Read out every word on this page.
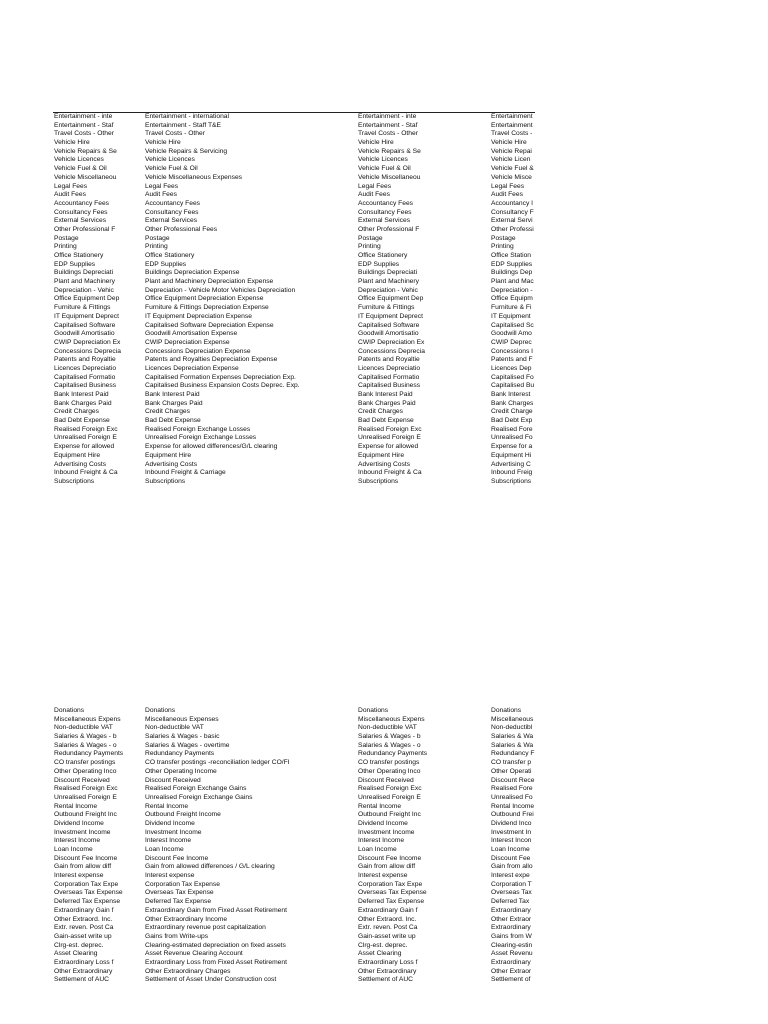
Entertainment - inte	Entertainment - international	Entertainment - inte	Entertainment
Entertainment - Staf	Entertainment - Staff T&E	Entertainment - Staf	Entertainment
Travel Costs - Other	Travel Costs - Other	Travel Costs - Other	Travel Costs -
Vehicle Hire	Vehicle Hire	Vehicle Hire	Vehicle Hire
Vehicle Repairs & Se	Vehicle Repairs & Servicing	Vehicle Repairs & Se	Vehicle Repai
Vehicle Licences	Vehicle Licences	Vehicle Licences	Vehicle Licen
Vehicle Fuel & Oil	Vehicle Fuel & Oil	Vehicle Fuel & Oil	Vehicle Fuel &
Vehicle Miscellaneou	Vehicle Miscellaneous Expenses	Vehicle Miscellaneou	Vehicle Misce
Legal Fees	Legal Fees	Legal Fees	Legal Fees
Audit Fees	Audit Fees	Audit Fees	Audit Fees
Accountancy Fees	Accountancy Fees	Accountancy Fees	Accountancy I
Consultancy Fees	Consultancy Fees	Consultancy Fees	Consultancy F
External Services	External Services	External Services	External Servi
Other Professional F	Other Professional Fees	Other Professional F	Other Professi
Postage	Postage	Postage	Postage
Printing	Printing	Printing	Printing
Office Stationery	Office Stationery	Office Stationery	Office Station
EDP Supplies	EDP Supplies	EDP Supplies	EDP Supplies
Buildings Depreciati	Buildings Depreciation Expense	Buildings Depreciati	Buildings Dep
Plant and Machinery	Plant and Machinery Depreciation Expense	Plant and Machinery	Plant and Mac
Depreciation - Vehic	Depreciation - Vehicle Motor Vehicles Depreciation	Depreciation - Vehic	Depreciation -
Office Equipment Dep	Office Equipment Depreciation Expense	Office Equipment Dep	Office Equipm
Furniture & Fittings	Furniture & Fittings Depreciation Expense	Furniture & Fittings	Furniture & Fi
IT Equipment Deprect	IT Equipment Depreciation Expense	IT Equipment Deprect	IT Equipment
Capitalised Software	Capitalised Software Depreciation Expense	Capitalised Software	Capitalised Sc
Goodwill Amortisatio	Goodwill Amortisation Expense	Goodwill Amortisatio	Goodwill Amo
CWIP Depreciation Ex	CWIP Depreciation Expense	CWIP Depreciation Ex	CWIP Deprec
Concessions Deprecia	Concessions Depreciation Expense	Concessions Deprecia	Concessions I
Patents and Royaltie	Patents and Royalties Depreciation Expense	Patents and Royaltie	Patents and F
Licences Depreciatio	Licences Depreciation Expense	Licences Depreciatio	Licences Dep
Capitalised Formatio	Capitalised Formation Expenses Depreciation Exp.	Capitalised Formatio	Capitalised Fo
Capitalised Business	Capitalised Business Expansion Costs Deprec. Exp.	Capitalised Business	Capitalised Bu
Bank Interest Paid	Bank Interest Paid	Bank Interest Paid	Bank Interest
Bank Charges Paid	Bank Charges Paid	Bank Charges Paid	Bank Charges
Credit Charges	Credit Charges	Credit Charges	Credit Charge
Bad Debt Expense	Bad Debt Expense	Bad Debt Expense	Bad Debt Exp
Realised Foreign Exc	Realised Foreign Exchange Losses	Realised Foreign Exc	Realised Fore
Unrealised Foreign E	Unrealised Foreign Exchange Losses	Unrealised Foreign E	Unrealised Fo
Expense for allowed	Expense for allowed differences/G/L clearing	Expense for allowed	Expense for a
Equipment Hire	Equipment Hire	Equipment Hire	Equipment Hi
Advertising Costs	Advertising Costs	Advertising Costs	Advertising C
Inbound Freight & Ca	Inbound Freight & Carriage	Inbound Freight & Ca	Inbound Freig
Subscriptions	Subscriptions	Subscriptions	Subscriptions
Donations	Donations	Donations	Donations
Miscellaneous Expens	Miscellaneous Expenses	Miscellaneous Expens	Miscellaneous
Non-deductible VAT	Non-deductible VAT	Non-deductible VAT	Non-deductibl
Salaries & Wages - b	Salaries & Wages - basic	Salaries & Wages - b	Salaries & Wa
Salaries & Wages - o	Salaries & Wages - overtime	Salaries & Wages - o	Salaries & Wa
Redundancy Payments	Redundancy Payments	Redundancy Payments	Redundancy F
CO transfer postings	CO transfer postings -reconciliation ledger CO/FI	CO transfer postings	CO transfer p
Other Operating Inco	Other Operating Income	Other Operating Inco	Other Operati
Discount Received	Discount Received	Discount Received	Discount Rece
Realised Foreign Exc	Realised Foreign Exchange Gains	Realised Foreign Exc	Realised Fore
Unrealised Foreign E	Unrealised Foreign Exchange Gains	Unrealised Foreign E	Unrealised Fo
Rental Income	Rental Income	Rental Income	Rental Income
Outbound Freight Inc	Outbound Freight Income	Outbound Freight Inc	Outbound Frei
Dividend Income	Dividend Income	Dividend Income	Dividend Inco
Investment Income	Investment Income	Investment Income	Investment In
Interest Income	Interest Income	Interest Income	Interest Incon
Loan Income	Loan Income	Loan Income	Loan Income
Discount Fee Income	Discount Fee Income	Discount Fee Income	Discount Fee
Gain from allow diff	Gain from allowed differences / G/L clearing	Gain from allow diff	Gain from allo
Interest expense	Interest expense	Interest expense	Interest expe
Corporation Tax Expe	Corporation Tax Expense	Corporation Tax Expe	Corporation T
Overseas Tax Expense	Overseas Tax Expense	Overseas Tax Expense	Overseas Tax
Deferred Tax Expense	Deferred Tax Expense	Deferred Tax Expense	Deferred Tax
Extraordinary Gain f	Extraordinary Gain from Fixed Asset Retirement	Extraordinary Gain f	Extraordinary
Other Extraord. Inc.	Other Extraordinary Income	Other Extraord. Inc.	Other Extraor
Extr. reven. Post Ca	Extraordinary revenue post capitalization	Extr. reven. Post Ca	Extraordinary
Gain-asset write up	Gains from Write-ups	Gain-asset write up	Gains from W
Clrg-est. deprec.	Clearing-estimated depreciation on fixed assets	Clrg-est. deprec.	Clearing-estin
Asset Clearing	Asset Revenue Clearing Account	Asset Clearing	Asset Revenu
Extraordinary Loss f	Extraordinary Loss from Fixed Asset Retirement	Extraordinary Loss f	Extraordinary
Other Extraordinary	Other Extraordinary Charges	Other Extraordinary	Other Extraor
Settlement of AUC	Settlement of Asset Under Construction cost	Settlement of AUC	Settlement of
